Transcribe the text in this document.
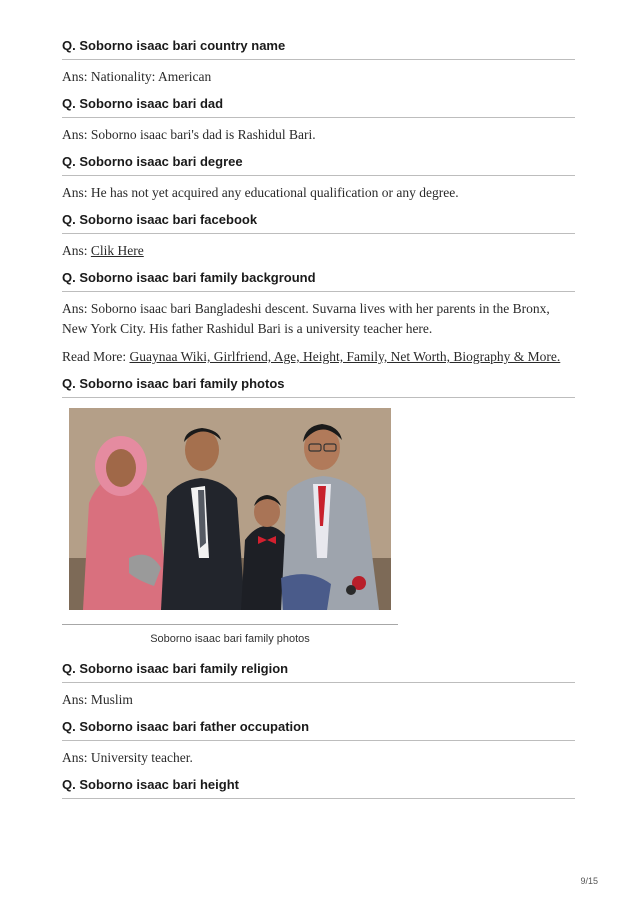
Q. Soborno isaac bari country name

Ans: Nationality: American

Q. Soborno isaac bari dad

Ans: Soborno isaac bari's dad is Rashidul Bari.

Q. Soborno isaac bari degree

Ans: He has not yet acquired any educational qualification or any degree.

Q. Soborno isaac bari facebook

Ans: Clik Here

Q. Soborno isaac bari family background

Ans: Soborno isaac bari Bangladeshi descent. Suvarna lives with her parents in the Bronx, New York City. His father Rashidul Bari is a university teacher here.

Read More: Guaynaa Wiki, Girlfriend, Age, Height, Family, Net Worth, Biography & More.

Q. Soborno isaac bari family photos
Soborno isaac bari family photos
Q. Soborno isaac bari family religion

Ans: Muslim

Q. Soborno isaac bari father occupation

Ans: University teacher.

Q. Soborno isaac bari height
9/15
